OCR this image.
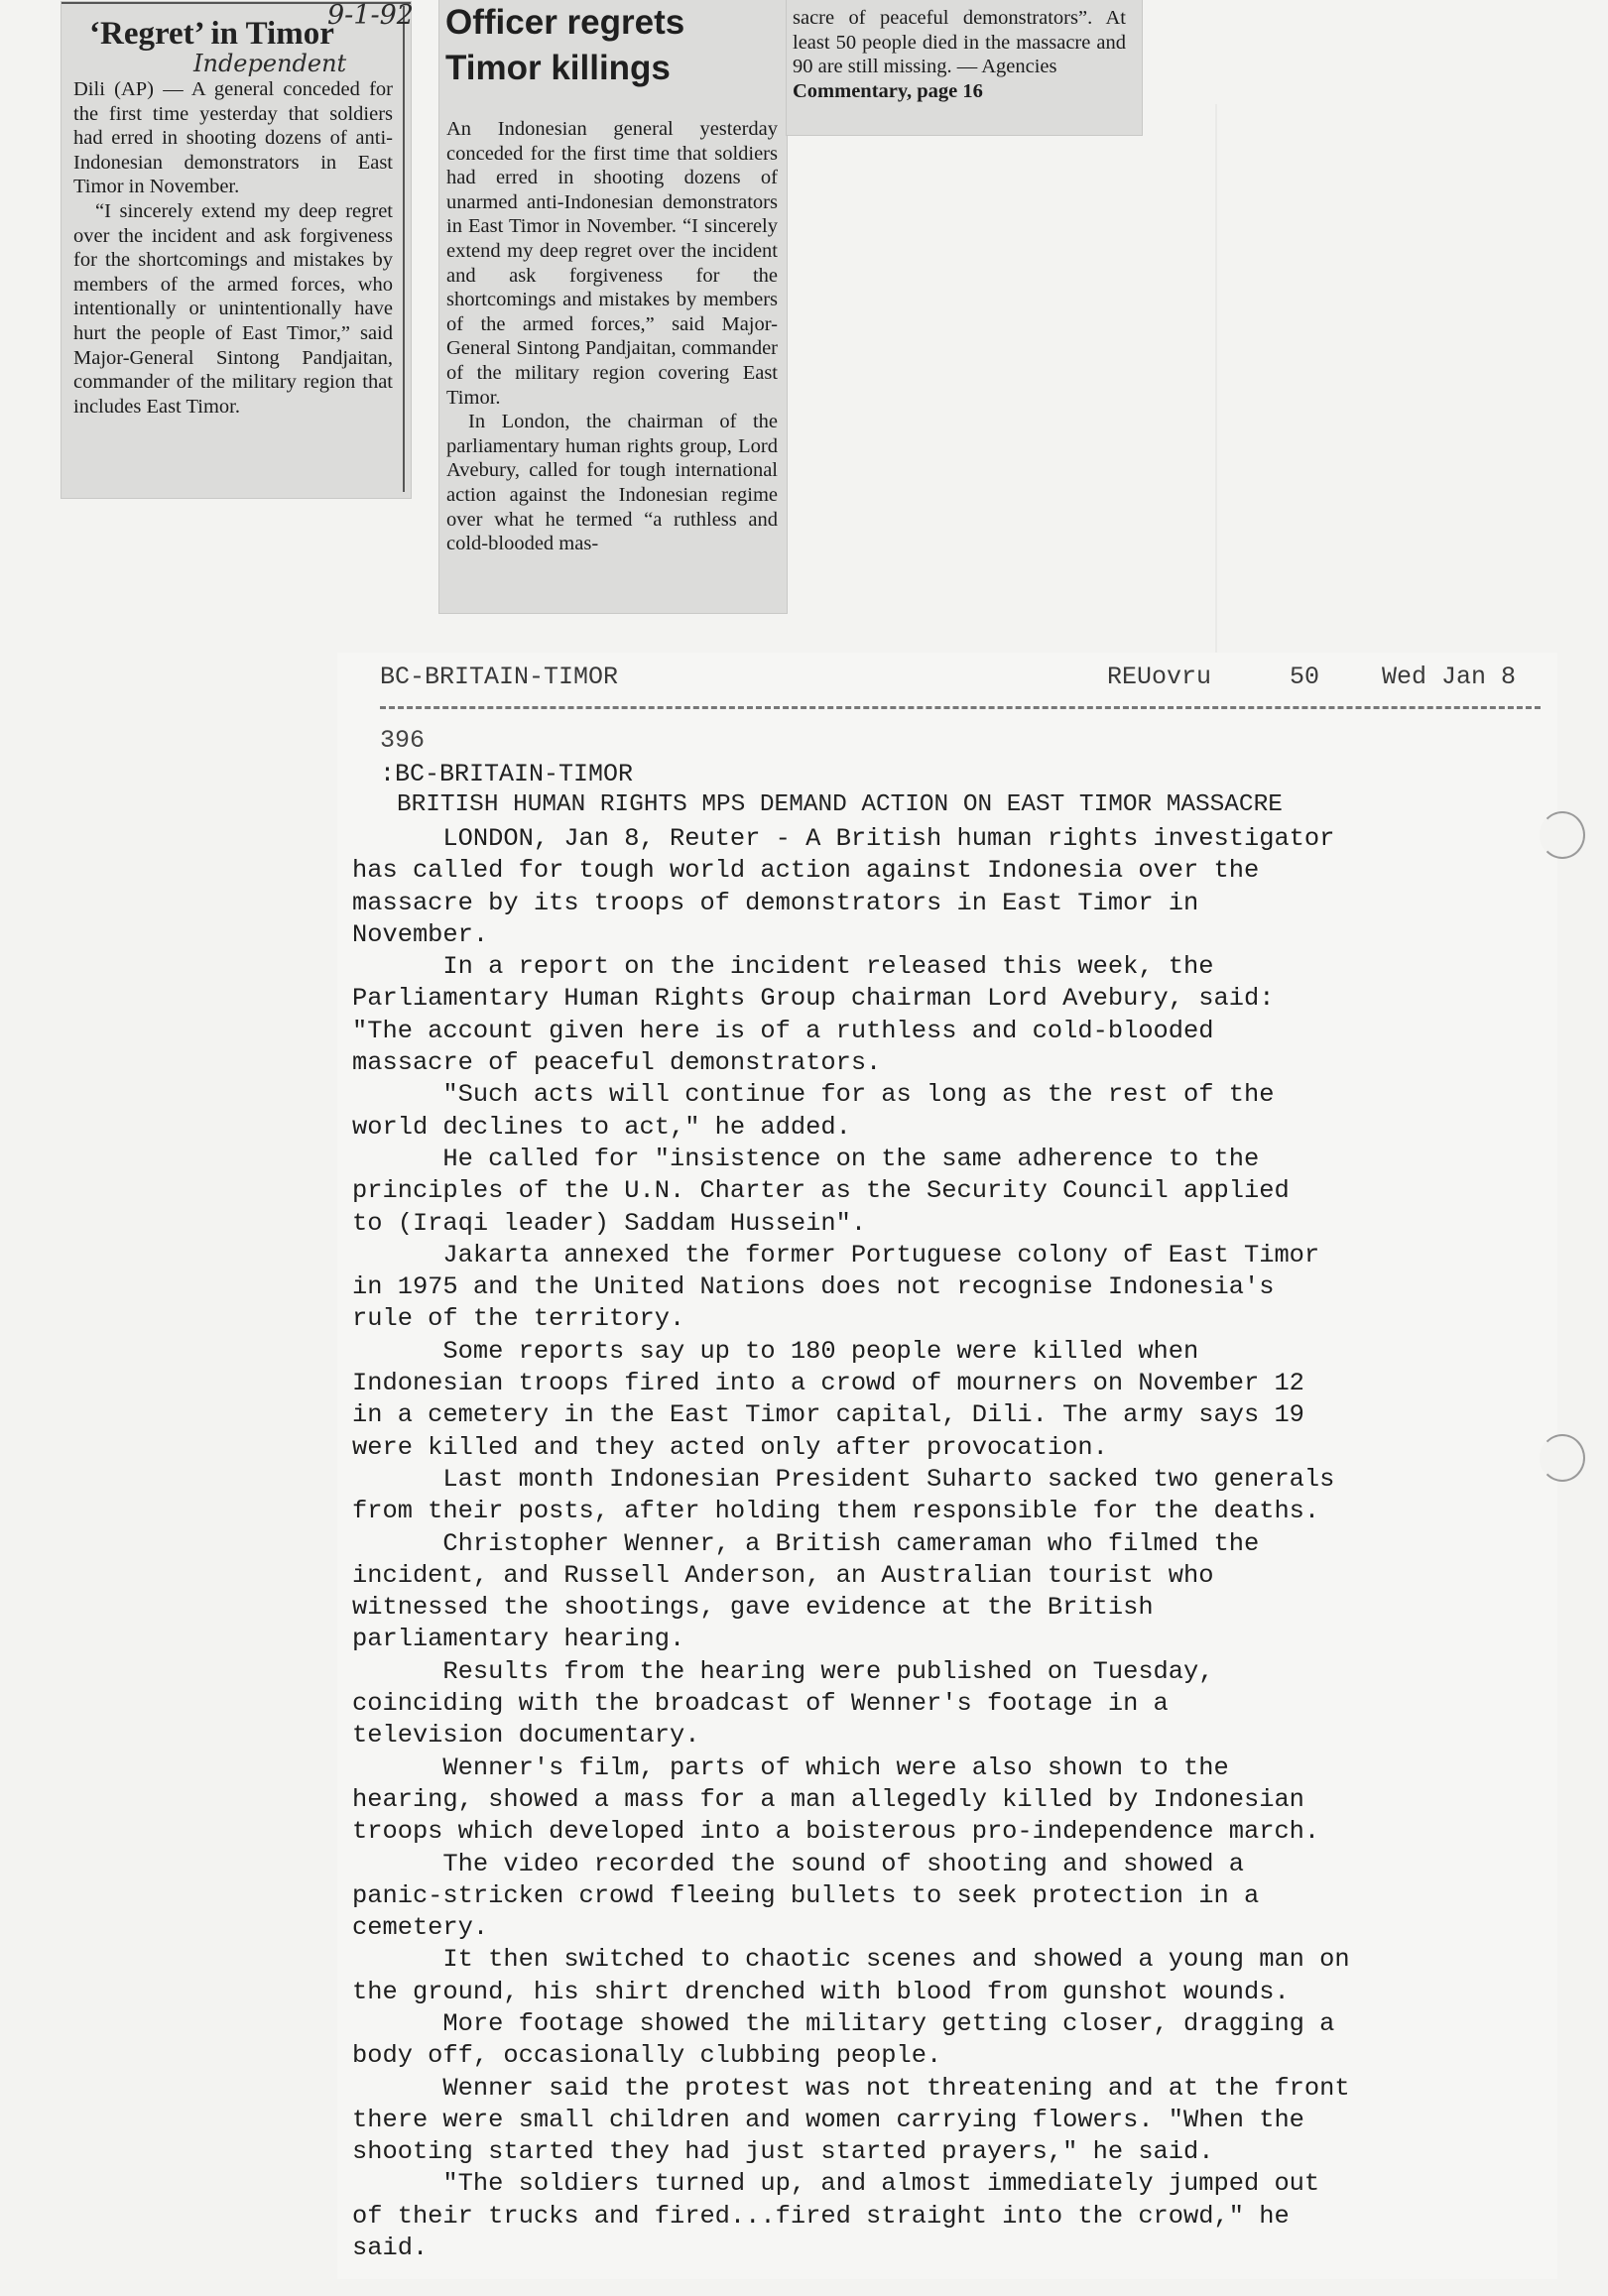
‘Regret’ in Timor

Dili (AP) — A general conceded for the first time yesterday that soldiers had erred in shooting dozens of anti-Indonesian demonstrators in East Timor in November.

“I sincerely extend my deep regret over the incident and ask forgiveness for the shortcomings and mistakes by members of the armed forces, who intentionally or unintentionally have hurt the people of East Timor,” said Major-General Sintong Pandjaitan, commander of the military region that includes East Timor.

9-1-92
Independent
Officer regrets Timor killings

An Indonesian general yesterday conceded for the first time that soldiers had erred in shooting dozens of unarmed anti-Indonesian demonstrators in East Timor in November. “I sincerely extend my deep regret over the incident and ask forgiveness for the shortcomings and mistakes by members of the armed forces,” said Major-General Sintong Pandjaitan, commander of the military region covering East Timor.

In London, the chairman of the parliamentary human rights group, Lord Avebury, called for tough international action against the Indonesian regime over what he termed “a ruthless and cold-blooded mas-

sacre of peaceful demonstrators”. At least 50 people died in the massacre and 90 are still missing. — Agencies

Commentary, page 16

BC-BRITAIN-TIMOR	REUovru	50	Wed Jan 8
396
:BC-BRITAIN-TIMOR
BRITISH HUMAN RIGHTS MPS DEMAND ACTION ON EAST TIMOR MASSACRE
LONDON, Jan 8, Reuter - A British human rights investigator
has called for tough world action against Indonesia over the
massacre by its troops of demonstrators in East Timor in
November.
In a report on the incident released this week, the
Parliamentary Human Rights Group chairman Lord Avebury, said:
"The account given here is of a ruthless and cold-blooded
massacre of peaceful demonstrators.
"Such acts will continue for as long as the rest of the
world declines to act," he added.
He called for "insistence on the same adherence to the
principles of the U.N. Charter as the Security Council applied
to (Iraqi leader) Saddam Hussein".
Jakarta annexed the former Portuguese colony of East Timor
in 1975 and the United Nations does not recognise Indonesia's
rule of the territory.
Some reports say up to 180 people were killed when
Indonesian troops fired into a crowd of mourners on November 12
in a cemetery in the East Timor capital, Dili. The army says 19
were killed and they acted only after provocation.
Last month Indonesian President Suharto sacked two generals
from their posts, after holding them responsible for the deaths.
Christopher Wenner, a British cameraman who filmed the
incident, and Russell Anderson, an Australian tourist who
witnessed the shootings, gave evidence at the British
parliamentary hearing.
Results from the hearing were published on Tuesday,
coinciding with the broadcast of Wenner's footage in a
television documentary.
Wenner's film, parts of which were also shown to the
hearing, showed a mass for a man allegedly killed by Indonesian
troops which developed into a boisterous pro-independence march.
The video recorded the sound of shooting and showed a
panic-stricken crowd fleeing bullets to seek protection in a
cemetery.
It then switched to chaotic scenes and showed a young man on
the ground, his shirt drenched with blood from gunshot wounds.
More footage showed the military getting closer, dragging a
body off, occasionally clubbing people.
Wenner said the protest was not threatening and at the front
there were small children and women carrying flowers. "When the
shooting started they had just started prayers," he said.
"The soldiers turned up, and almost immediately jumped out
of their trucks and fired...fired straight into the crowd," he
said.
